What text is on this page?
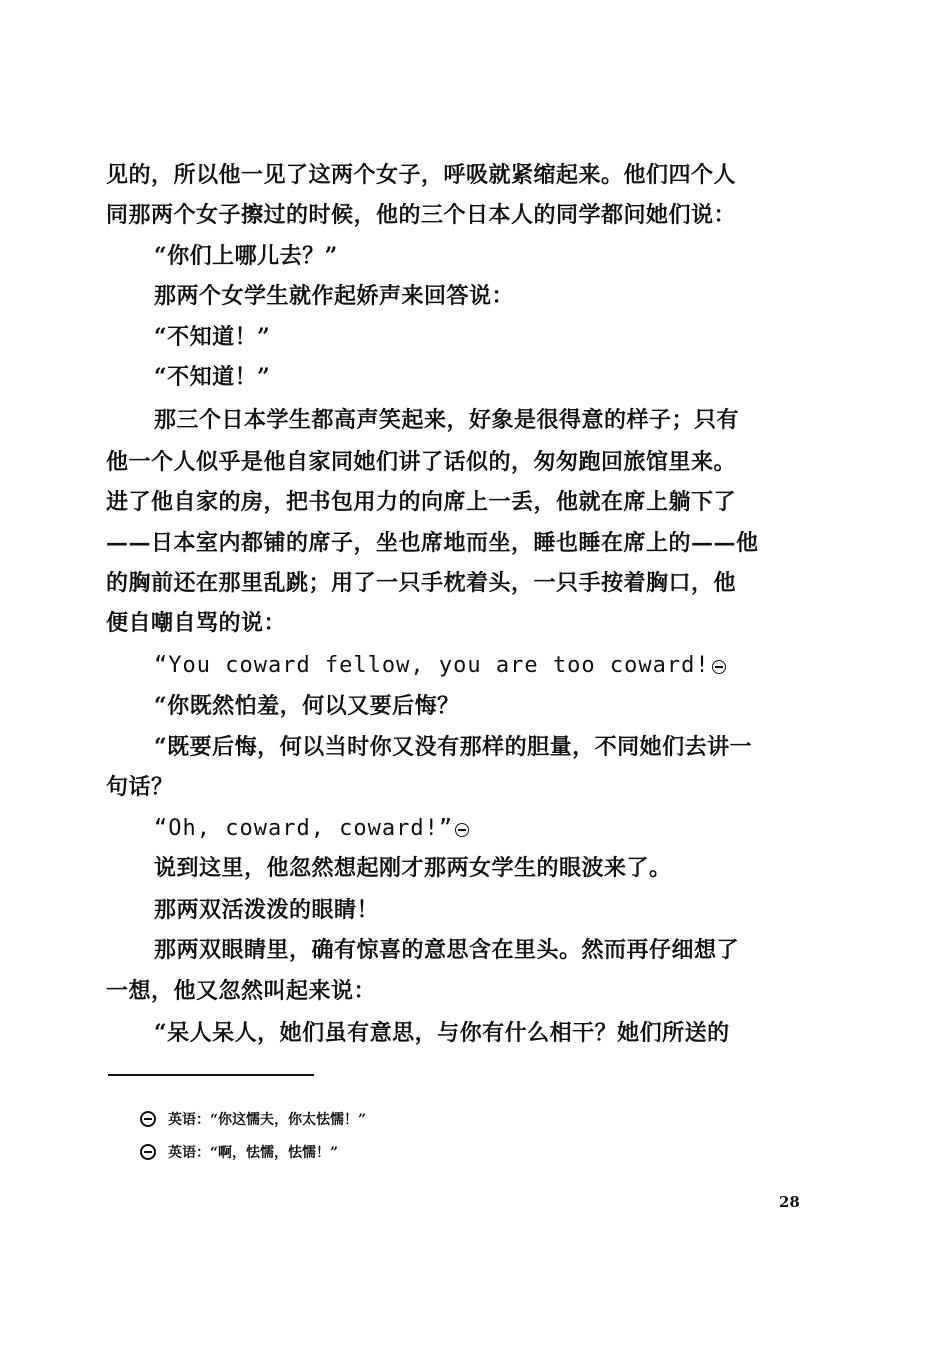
见的，所以他一见了这两个女子，呼吸就紧缩起来。他们四个人
同那两个女子擦过的时候，他的三个日本人的同学都问她们说：
“你们上哪儿去？”
那两个女学生就作起娇声来回答说：
“不知道！”
“不知道！”
那三个日本学生都高声笑起来，好象是很得意的样子；只有
他一个人似乎是他自家同她们讲了话似的，匆匆跑回旅馆里来。
进了他自家的房，把书包用力的向席上一丢，他就在席上躺下了
——日本室内都铺的席子，坐也席地而坐，睡也睡在席上的——他
的胸前还在那里乱跳；用了一只手枕着头，一只手按着胸口，他
便自嘲自骂的说：
“You coward fellow, you are too coward!
“你既然怕羞，何以又要后悔？
“既要后悔，何以当时你又没有那样的胆量，不同她们去讲一
句话？
“Oh, coward, coward!”
说到这里，他忽然想起刚才那两女学生的眼波来了。
那两双活泼泼的眼睛！
那两双眼睛里，确有惊喜的意思含在里头。然而再仔细想了
一想，他又忽然叫起来说：
“呆人呆人，她们虽有意思，与你有什么相干？她们所送的
英语：“你这懦夫，你太怯懦！”
英语：“啊，怯懦，怯懦！”
28
